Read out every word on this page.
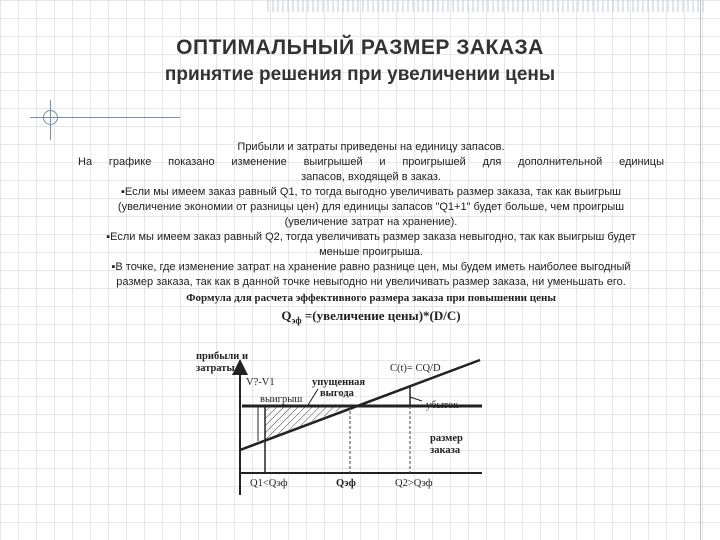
ОПТИМАЛЬНЫЙ РАЗМЕР ЗАКАЗА
принятие решения при увеличении цены
Прибыли и затраты приведены на единицу запасов.
На графике показано изменение выигрышей и проигрышей для дополнительной единицы
запасов, входящей в заказ.
▪Если мы имеем заказ равный Q1, то тогда выгодно увеличивать размер заказа, так как выигрыш
(увеличение экономии от разницы цен) для единицы запасов "Q1+1" будет больше, чем проигрыш
(увеличение затрат на хранение).
▪Если мы имеем заказ равный Q2, тогда увеличивать размер заказа невыгодно, так как выигрыш будет
меньше проигрыша.
▪В точке, где изменение затрат на хранение равно разнице цен, мы будем иметь наиболее выгодный
размер заказа, так как в данной точке невыгодно ни увеличивать размер заказа, ни уменьшать его.
Формула для расчета эффективного размера заказа при повышении цены
$Q_{эф}$ =(увеличение цены)*(D/C)
прибыли и
затраты
V?-V1
выигрыш
упущенная
выгода
C(t)= CQ/D
убыток
размер
заказа
Q1<Qэф	Qэф	Q2>Qэф
